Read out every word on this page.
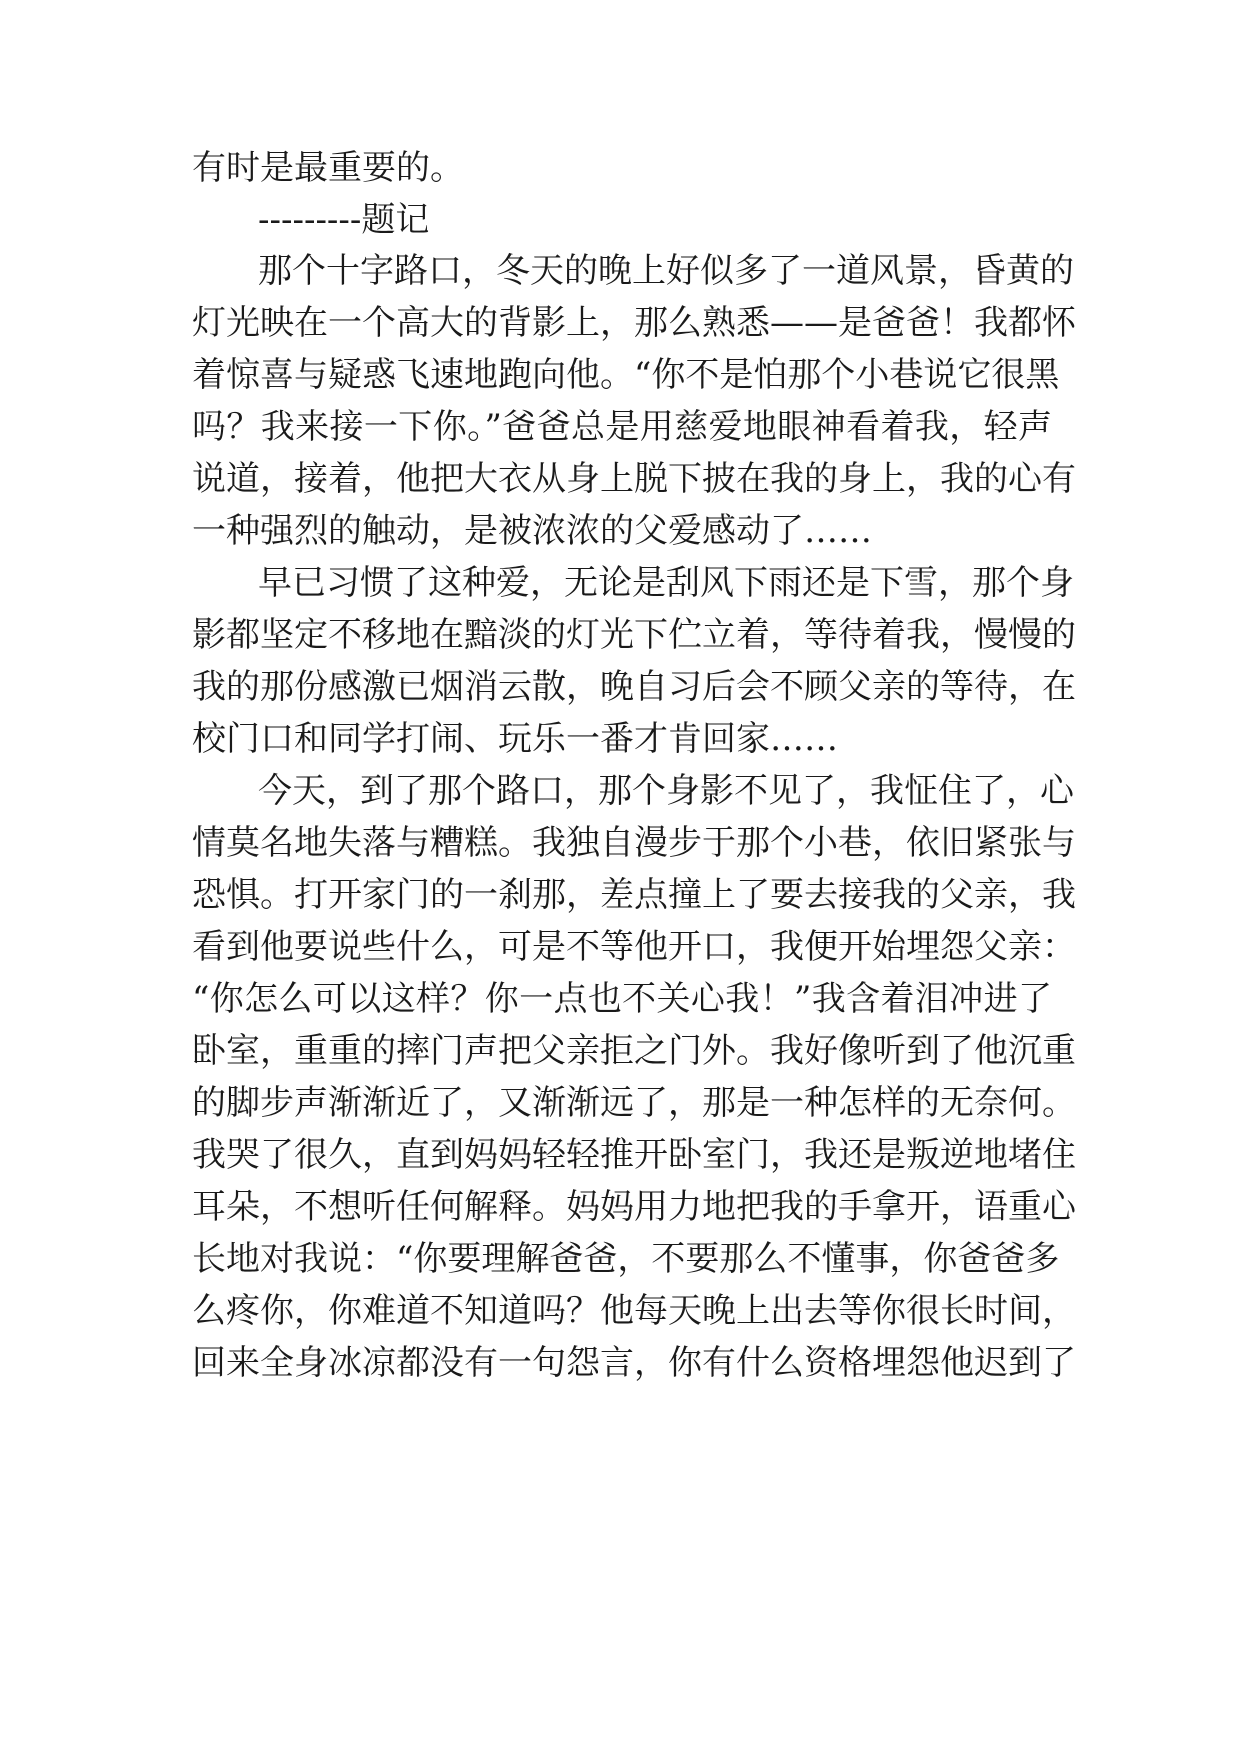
有时是最重要的。

---------题记

那个十字路口，冬天的晚上好似多了一道风景，昏黄的

灯光映在一个高大的背影上，那么熟悉——是爸爸！我都怀

着惊喜与疑惑飞速地跑向他。“你不是怕那个小巷说它很黑

吗？我来接一下你。”爸爸总是用慈爱地眼神看着我，轻声

说道，接着，他把大衣从身上脱下披在我的身上，我的心有

一种强烈的触动，是被浓浓的父爱感动了……

早已习惯了这种爱，无论是刮风下雨还是下雪，那个身

影都坚定不移地在黯淡的灯光下伫立着，等待着我，慢慢的

我的那份感激已烟消云散，晚自习后会不顾父亲的等待，在

校门口和同学打闹、玩乐一番才肯回家……

今天，到了那个路口，那个身影不见了，我怔住了，心

情莫名地失落与糟糕。我独自漫步于那个小巷，依旧紧张与

恐惧。打开家门的一刹那，差点撞上了要去接我的父亲，我

看到他要说些什么，可是不等他开口，我便开始埋怨父亲：

“你怎么可以这样？你一点也不关心我！”我含着泪冲进了

卧室，重重的摔门声把父亲拒之门外。我好像听到了他沉重

的脚步声渐渐近了，又渐渐远了，那是一种怎样的无奈何。

我哭了很久，直到妈妈轻轻推开卧室门，我还是叛逆地堵住

耳朵，不想听任何解释。妈妈用力地把我的手拿开，语重心

长地对我说：“你要理解爸爸，不要那么不懂事，你爸爸多

么疼你，你难道不知道吗？他每天晚上出去等你很长时间，

回来全身冰凉都没有一句怨言，你有什么资格埋怨他迟到了
